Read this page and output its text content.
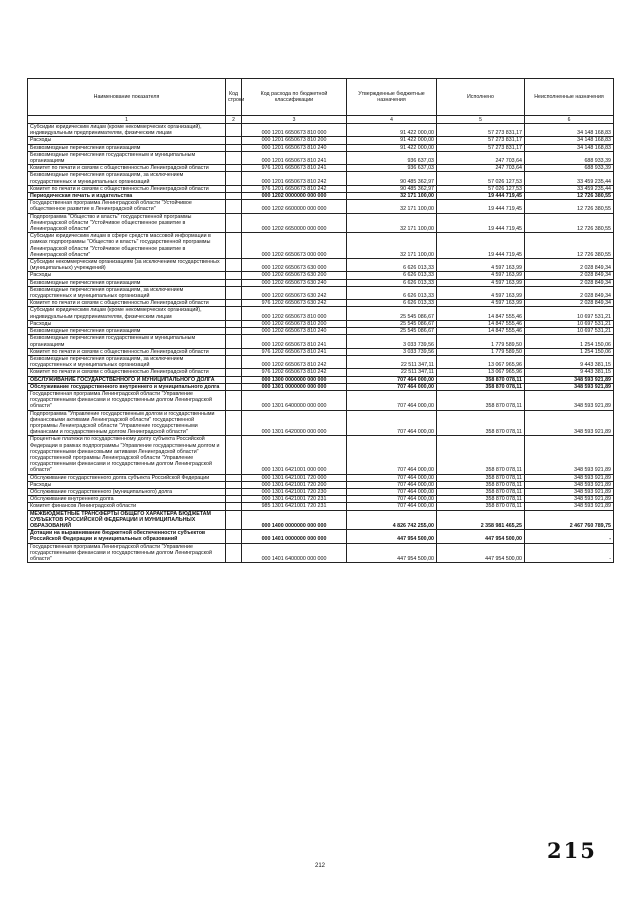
Наименование показателя	Код строки	Код расхода по бюджетной классификации	Утвержденные бюджетные назначения	Исполнено	Неисполненные назначения
1	2	3	4	5	6
Субсидии юридическим лицам (кроме некоммерческих организаций), индивидуальным предпринимателям, физическим лицам		000 1201 6650673 810 000	91 422 000,00	57 273 831,17	34 148 168,83
Расходы		000 1201 6650673 810 200	91 422 000,00	57 273 831,17	34 148 168,83
Безвозмездные перечисления организациям		000 1201 6650673 810 240	91 422 000,00	57 273 831,17	34 148 168,83
Безвозмездные перечисления государственным и муниципальным организациям		000 1201 6650673 810 241	936 637,03	247 703,64	688 933,39
Комитет по печати и связям с общественностью Ленинградской области		976 1201 6650673 810 241	936 637,03	247 703,64	688 933,39
Безвозмездные перечисления организациям, за исключением государственных и муниципальных организаций		000 1201 6650673 810 242	90 485 362,97	57 026 127,53	33 459 235,44
Комитет по печати и связям с общественностью Ленинградской области		976 1201 6650673 810 242	90 485 362,97	57 026 127,53	33 459 235,44
Периодическая печать и издательства		000 1202 0000000 000 000	32 171 100,00	19 444 719,45	12 726 380,55
Государственная программа Ленинградской области "Устойчивое общественное развитие в Ленинградской области"		000 1202 6600000 000 000	32 171 100,00	19 444 719,45	12 726 380,55
Подпрограмма "Общество и власть" государственной программы Ленинградской области "Устойчивое общественное развитие в Ленинградской области"		000 1202 6650000 000 000	32 171 100,00	19 444 719,45	12 726 380,55
Субсидии юридическим лицам в сфере средств массовой информации в рамках подпрограммы "Общество и власть" государственной программы Ленинградской области "Устойчивое общественное развитие в Ленинградской области"		000 1202 6650673 000 000	32 171 100,00	19 444 719,45	12 726 380,55
Субсидии некоммерческим организациям (за исключением государственных (муниципальных) учреждений)		000 1202 6650673 630 000	6 626 013,33	4 597 163,99	2 028 849,34
Расходы		000 1202 6650673 630 200	6 626 013,33	4 597 163,99	2 028 849,34
Безвозмездные перечисления организациям		000 1202 6650673 630 240	6 626 013,33	4 597 163,99	2 028 849,34
Безвозмездные перечисления организациям, за исключением государственных и муниципальных организаций		000 1202 6650673 630 242	6 626 013,33	4 597 163,99	2 028 849,34
Комитет по печати и связям с общественностью Ленинградской области		976 1202 6650673 630 242	6 626 013,33	4 597 163,99	2 028 849,34
Субсидии юридическим лицам (кроме некоммерческих организаций), индивидуальным предпринимателям, физическим лицам		000 1202 6650673 810 000	25 545 086,67	14 847 555,46	10 697 531,21
Расходы		000 1202 6650673 810 200	25 545 086,67	14 847 555,46	10 697 531,21
Безвозмездные перечисления организациям		000 1202 6650673 810 240	25 545 086,67	14 847 555,46	10 697 531,21
Безвозмездные перечисления государственным и муниципальным организациям		000 1202 6650673 810 241	3 033 739,56	1 779 589,50	1 254 150,06
Комитет по печати и связям с общественностью Ленинградской области		976 1202 6650673 810 241	3 033 739,56	1 779 589,50	1 254 150,06
Безвозмездные перечисления организациям, за исключением государственных и муниципальных организаций		000 1202 6650673 810 242	22 511 347,11	13 067 965,96	9 443 381,15
Комитет по печати и связям с общественностью Ленинградской области		976 1202 6650673 810 242	22 511 347,11	13 067 965,96	9 443 381,15
ОБСЛУЖИВАНИЕ ГОСУДАРСТВЕННОГО И МУНИЦИПАЛЬНОГО ДОЛГА		000 1300 0000000 000 000	707 464 000,00	358 870 078,11	348 593 921,89
Обслуживание государственного внутреннего и муниципального долга		000 1301 0000000 000 000	707 464 000,00	358 870 078,11	348 593 921,89
Государственная программа Ленинградской области "Управление государственными финансами и государственным долгом Ленинградской области"		000 1301 6400000 000 000	707 464 000,00	358 870 078,11	348 593 921,89
Подпрограмма "Управление государственным долгом и государственными финансовыми активами Ленинградской области" государственной программы Ленинградской области "Управление государственными финансами и государственным долгом Ленинградской области"		000 1301 6420000 000 000	707 464 000,00	358 870 078,11	348 593 921,89
Процентные платежи по государственному долгу субъекта Российской Федерации в рамках подпрограммы "Управление государственным долгом и государственными финансовыми активами Ленинградской области" государственной программы Ленинградской области "Управление государственными финансами и государственным долгом Ленинградской области"		000 1301 6421001 000 000	707 464 000,00	358 870 078,11	348 593 921,89
Обслуживание государственного долга субъекта Российской Федерации		000 1301 6421001 720 000	707 464 000,00	358 870 078,11	348 593 921,89
Расходы		000 1301 6421001 720 200	707 464 000,00	358 870 078,11	348 593 921,89
Обслуживание государственного (муниципального) долга		000 1301 6421001 720 230	707 464 000,00	358 870 078,11	348 593 921,89
Обслуживание внутреннего долга		000 1301 6421001 720 231	707 464 000,00	358 870 078,11	348 593 921,89
Комитет финансов Ленинградской области		985 1301 6421001 720 231	707 464 000,00	358 870 078,11	348 593 921,89
МЕЖБЮДЖЕТНЫЕ ТРАНСФЕРТЫ ОБЩЕГО ХАРАКТЕРА БЮДЖЕТАМ СУБЪЕКТОВ РОССИЙСКОЙ ФЕДЕРАЦИИ И МУНИЦИПАЛЬНЫХ ОБРАЗОВАНИЙ		000 1400 0000000 000 000	4 826 742 255,00	2 358 981 465,25	2 467 760 789,75
Дотации на выравнивание бюджетной обеспеченности субъектов Российской Федерации и муниципальных образований		000 1401 0000000 000 000	447 954 500,00	447 954 500,00	-
Государственная программа Ленинградской области "Управление государственными финансами и государственным долгом Ленинградской области"		000 1401 6400000 000 000	447 954 500,00	447 954 500,00	-
215
212
